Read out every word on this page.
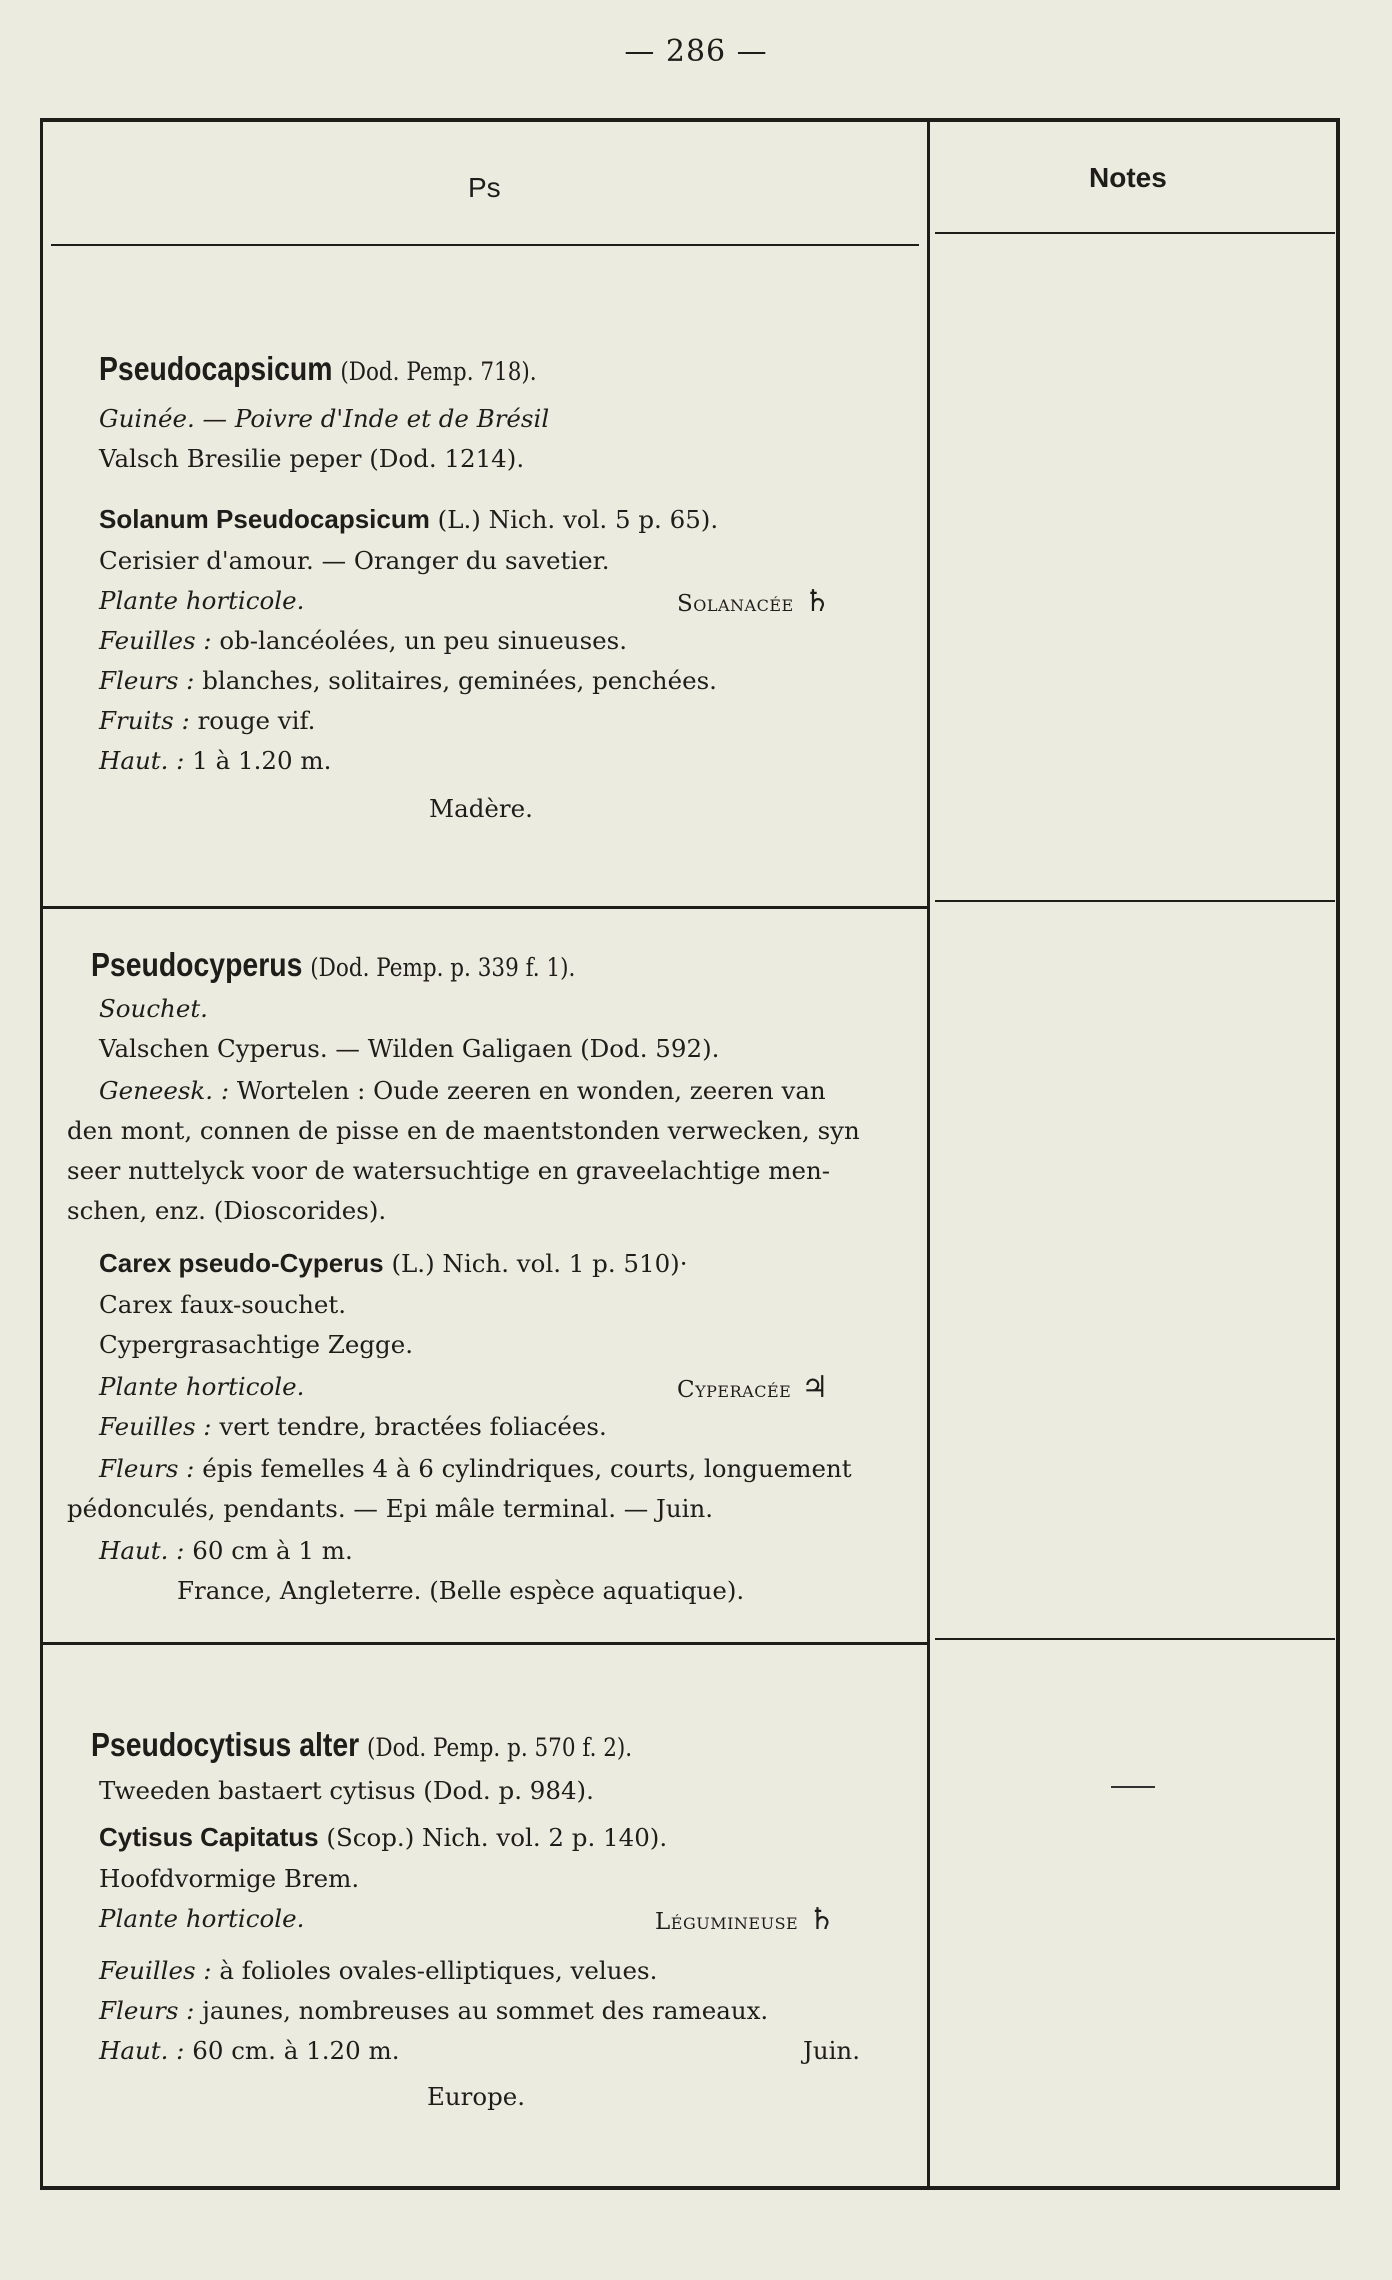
— 286 —
Ps	Notes
Pseudocapsicum (Dod. Pemp. 718).
Guinée. — Poivre d'Inde et de Brésil
Valsch Bresilie peper (Dod. 1214).
Solanum Pseudocapsicum (L.) Nich. vol. 5 p. 65).
Cerisier d'amour. — Oranger du savetier.
Plante horticole.	Solanacée ♄
Feuilles : ob-lancéolées, un peu sinueuses.
Fleurs : blanches, solitaires, geminées, penchées.
Fruits : rouge vif.
Haut. : 1 à 1.20 m.
Madère.
Pseudocyperus (Dod. Pemp. p. 339 f. 1).
Souchet.
Valschen Cyperus. — Wilden Galigaen (Dod. 592).
Geneesk. : Wortelen : Oude zeeren en wonden, zeeren van
den mont, connen de pisse en de maentstonden verwecken, syn
seer nuttelyck voor de watersuchtige en graveelachtige men-
schen, enz. (Dioscorides).
Carex pseudo-Cyperus (L.) Nich. vol. 1 p. 510)·
Carex faux-souchet.
Cypergrasachtige Zegge.
Plante horticole.	Cyperacée ♃
Feuilles : vert tendre, bractées foliacées.
Fleurs : épis femelles 4 à 6 cylindriques, courts, longuement
pédonculés, pendants. — Epi mâle terminal. — Juin.
Haut. : 60 cm à 1 m.
France, Angleterre. (Belle espèce aquatique).
Pseudocytisus alter (Dod. Pemp. p. 570 f. 2).
Tweeden bastaert cytisus (Dod. p. 984).
Cytisus Capitatus (Scop.) Nich. vol. 2 p. 140).
Hoofdvormige Brem.
Plante horticole.	Légumineuse ♄
Feuilles : à folioles ovales-elliptiques, velues.
Fleurs : jaunes, nombreuses au sommet des rameaux.
Haut. : 60 cm. à 1.20 m.	Juin.
Europe.
